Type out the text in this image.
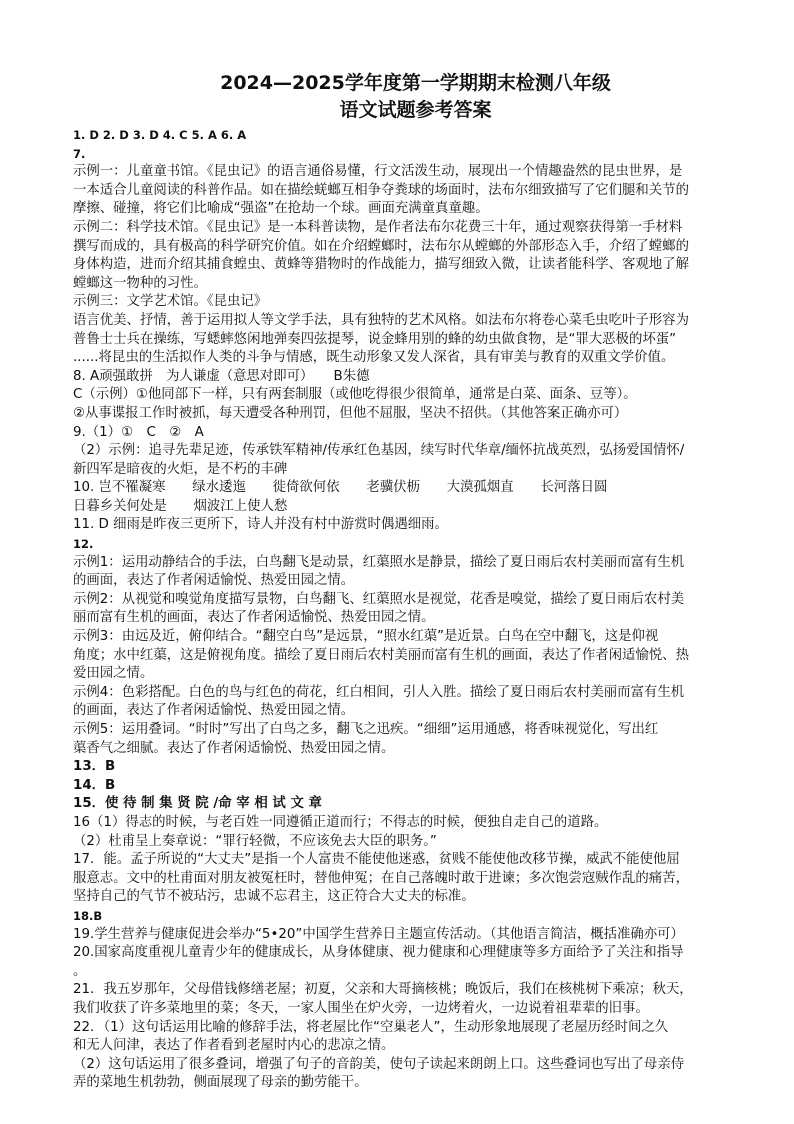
2024—2025学年度第一学期期末检测八年级
语文试题参考答案

1. D 2. D 3. D 4. C 5. A 6. A

7.

示例一：儿童童书馆。《昆虫记》的语言通俗易懂，行文活泼生动，展现出一个情趣盎然的昆虫世界，是

一本适合儿童阅读的科普作品。如在描绘蜣螂互相争夺粪球的场面时，法布尔细致描写了它们腿和关节的

摩擦、碰撞，将它们比喻成“强盗”在抢劫一个球。画面充满童真童趣。

示例二：科学技术馆。《昆虫记》是一本科普读物，是作者法布尔花费三十年，通过观察获得第一手材料

撰写而成的，具有极高的科学研究价值。如在介绍螳螂时，法布尔从螳螂的外部形态入手，介绍了螳螂的

身体构造，进而介绍其捕食蝗虫、黄蜂等猎物时的作战能力，描写细致入微，让读者能科学、客观地了解

螳螂这一物种的习性。

示例三：文学艺术馆。《昆虫记》

语言优美、抒情，善于运用拟人等文学手法，具有独特的艺术风格。如法布尔将卷心菜毛虫吃叶子形容为

普鲁士士兵在操练，写蟋蟀悠闲地弹奏四弦提琴，说金蜂用别的蜂的幼虫做食物，是“罪大恶极的坏蛋”

......将昆虫的生活拟作人类的斗争与情感，既生动形象又发人深省，具有审美与教育的双重文学价值。

8. A顽强敢拼　为人谦虚（意思对即可）　　B朱德

C（示例）①他同部下一样，只有两套制服（或他吃得很少很简单，通常是白菜、面条、豆等）。

②从事谍报工作时被抓，每天遭受各种刑罚，但他不屈服，坚决不招供。（其他答案正确亦可）

9.（1）①　C　②　A

（2）示例：追寻先辈足迹，传承铁军精神/传承红色基因，续写时代华章/缅怀抗战英烈，弘扬爱国情怀/

新四军是暗夜的火炬，是不朽的丰碑

10. 岂不罹凝寒　　绿水逶迤　　徙倚欲何依　　老骥伏枥　　大漠孤烟直　　长河落日圆

日暮乡关何处是　　烟波江上使人愁

11. D 细雨是昨夜三更所下，诗人并没有村中游赏时偶遇细雨。

12.

示例1：运用动静结合的手法，白鸟翻飞是动景，红蕖照水是静景，描绘了夏日雨后农村美丽而富有生机

的画面，表达了作者闲适愉悦、热爱田园之情。

示例2：从视觉和嗅觉角度描写景物，白鸟翻飞、红蕖照水是视觉，花香是嗅觉，描绘了夏日雨后农村美

丽而富有生机的画面，表达了作者闲适愉悦、热爱田园之情。

示例3：由远及近，俯仰结合。“翻空白鸟”是远景，“照水红蕖”是近景。白鸟在空中翻飞，这是仰视

角度；水中红蕖，这是俯视角度。描绘了夏日雨后农村美丽而富有生机的画面，表达了作者闲适愉悦、热

爱田园之情。

示例4：色彩搭配。白色的鸟与红色的荷花，红白相间，引人入胜。描绘了夏日雨后农村美丽而富有生机

的画面，表达了作者闲适愉悦、热爱田园之情。

示例5：运用叠词。“时时”写出了白鸟之多，翻飞之迅疾。“细细”运用通感，将香味视觉化，写出红

蕖香气之细腻。表达了作者闲适愉悦、热爱田园之情。

13．B

14．B

15．使 待 制 集 贤 院 /命 宰 相 试 文 章

16（1）得志的时候，与老百姓一同遵循正道而行；不得志的时候，便独自走自己的道路。

（2）杜甫呈上奏章说：“罪行轻微，不应该免去大臣的职务。”

17．能。孟子所说的“大丈夫”是指一个人富贵不能使他迷惑，贫贱不能使他改移节操，威武不能使他屈

服意志。文中的杜甫面对朋友被冤枉时，替他伸冤；在自己落魄时敢于进谏；多次饱尝寇贼作乱的痛苦，

坚持自己的气节不被玷污，忠诚不忘君主，这正符合大丈夫的标准。

18.B

19.学生营养与健康促进会举办“5•20”中国学生营养日主题宣传活动。（其他语言简洁，概括准确亦可）

20.国家高度重视儿童青少年的健康成长，从身体健康、视力健康和心理健康等多方面给予了关注和指导

。

21．我五岁那年，父母借钱修缮老屋；初夏，父亲和大哥摘核桃；晚饭后，我们在核桃树下乘凉；秋天，

我们收获了许多菜地里的菜；冬天，一家人围坐在炉火旁，一边烤着火，一边说着祖辈辈的旧事。

22．（1）这句话运用比喻的修辞手法，将老屋比作“空巢老人”，生动形象地展现了老屋历经时间之久

和无人问津，表达了作者看到老屋时内心的悲凉之情。

（2）这句话运用了很多叠词，增强了句子的音韵美，使句子读起来朗朗上口。这些叠词也写出了母亲侍

弄的菜地生机勃勃，侧面展现了母亲的勤劳能干。
